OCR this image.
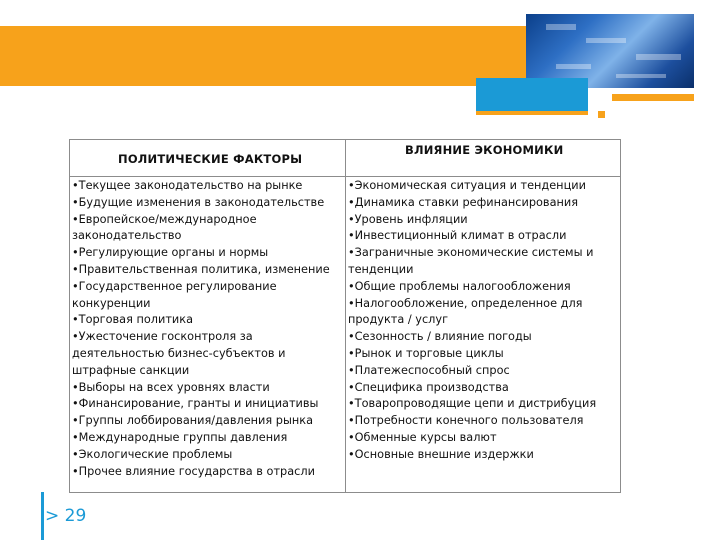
ПОЛИТИЧЕСКИЕ ФАКТОРЫ
ВЛИЯНИЕ ЭКОНОМИКИ
•Текущее законодательство на рынке
•Будущие изменения в законодательстве
•Европейское/международное законодательство
•Регулирующие органы и нормы
•Правительственная политика, изменение
•Государственное регулирование конкуренции
•Торговая политика
•Ужесточение госконтроля за деятельностью бизнес-субъектов и штрафные санкции
•Выборы на всех уровнях власти
•Финансирование, гранты и инициативы
•Группы лоббирования/давления рынка
•Международные группы давления
•Экологические проблемы
•Прочее влияние государства в отрасли
•Экономическая ситуация и тенденции
•Динамика ставки рефинансирования
•Уровень инфляции
•Инвестиционный климат в отрасли
•Заграничные экономические системы и тенденции
•Общие проблемы налогообложения
•Налогообложение, определенное для продукта / услуг
•Сезонность / влияние погоды
•Рынок и торговые циклы
•Платежеспособный спрос
•Специфика производства
•Товаропроводящие цепи и дистрибуция
•Потребности конечного пользователя
•Обменные курсы валют
•Основные внешние издержки
> 29
